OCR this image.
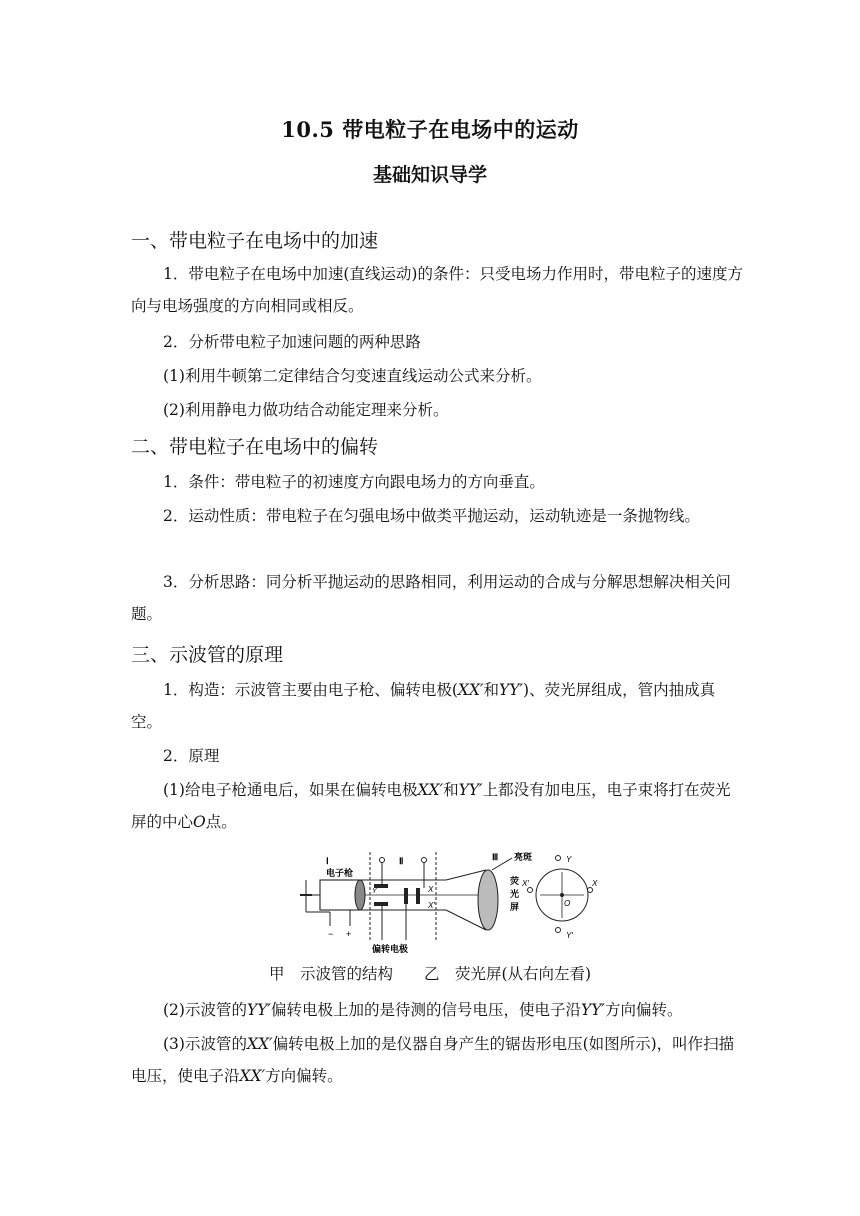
10.5 带电粒子在电场中的运动
基础知识导学
一、带电粒子在电场中的加速
1．带电粒子在电场中加速(直线运动)的条件：只受电场力作用时，带电粒子的速度方向与电场强度的方向相同或相反。
2．分析带电粒子加速问题的两种思路
(1)利用牛顿第二定律结合匀变速直线运动公式来分析。
(2)利用静电力做功结合动能定理来分析。
二、带电粒子在电场中的偏转
1．条件：带电粒子的初速度方向跟电场力的方向垂直。
2．运动性质：带电粒子在匀强电场中做类平抛运动，运动轨迹是一条抛物线。
3．分析思路：同分析平抛运动的思路相同，利用运动的合成与分解思想解决相关问题。
三、示波管的原理
1．构造：示波管主要由电子枪、偏转电极(XX′和YY′)、荧光屏组成，管内抽成真空。
2．原理
(1)给电子枪通电后，如果在偏转电极XX′和YY′上都没有加电压，电子束将打在荧光屏的中心O点。
Ⅰ
电子枪
− +
Ⅱ
Y	X
X′
偏转电极
Ⅲ 亮斑
荧
光
屏	O
Y
Y′
X
X′
甲　示波管的结构　　乙　荧光屏(从右向左看)
(2)示波管的YY′偏转电极上加的是待测的信号电压，使电子沿YY′方向偏转。
(3)示波管的XX′偏转电极上加的是仪器自身产生的锯齿形电压(如图所示)，叫作扫描电压，使电子沿XX′方向偏转。
